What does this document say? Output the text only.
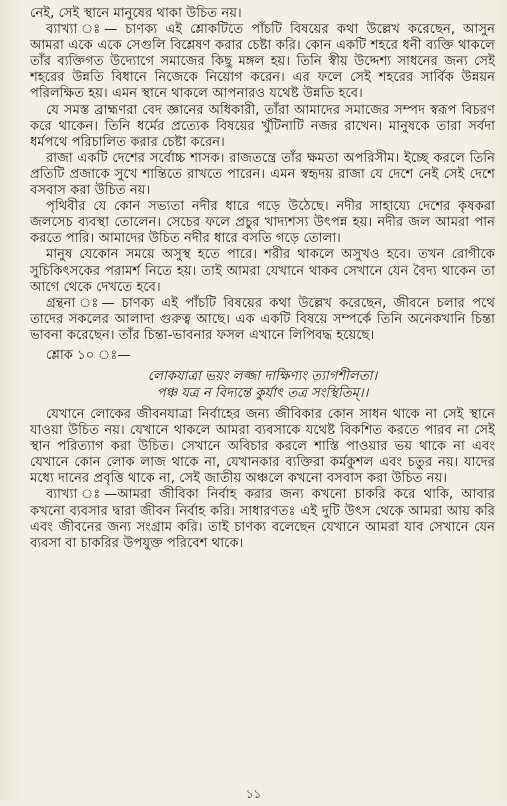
নেই, সেই স্থানে মানুষের থাকা উচিত নয়।

ব্যাখ্যা ঃ— চাণক্য এই শ্লোকটিতে পাঁচটি বিষয়ের কথা উল্লেখ করেছেন, আসুন আমরা একে একে সেগুলি বিশ্লেষণ করার চেষ্টা করি। কোন একটি শহরে ধনী ব্যক্তি থাকলে তাঁর ব্যক্তিগত উদ্যোগে সমাজের কিছু মঙ্গল হয়। তিনি স্বীয় উদ্দেশ্য সাধনের জন্য সেই শহরের উন্নতি বিধানে নিজেকে নিয়োগ করেন। এর ফলে সেই শহরের সার্বিক উন্নয়ন পরিলক্ষিত হয়। এমন স্থানে থাকলে আপনারও যথেষ্ট উন্নতি হবে।

যে সমস্ত ব্রাহ্মণরা বেদ জ্ঞানের অধিকারী, তাঁরা আমাদের সমাজের সম্পদ স্বরূপ বিচরণ করে থাকেন। তিনি ধর্মের প্রত্যেক বিষয়ের খুঁটিনাটি নজর রাখেন। মানুষকে তারা সর্বদা ধর্মপথে পরিচালিত করার চেষ্টা করেন।

রাজা একটি দেশের সর্বোচ্চ শাসক। রাজতন্ত্রে তাঁর ক্ষমতা অপরিসীম। ইচ্ছে করলে তিনি প্রতিটি প্রজাকে সুখে শান্তিতে রাখতে পারেন। এমন স্বহৃদয় রাজা যে দেশে নেই সেই দেশে বসবাস করা উচিত নয়।

পৃথিবীর যে কোন সভ্যতা নদীর ধারে গড়ে উঠেছে। নদীর সাহায্যে দেশের কৃষকরা জলসেচ ব্যবস্থা তোলেন। সেচের ফলে প্রচুর খাদ্যশস্য উৎপন্ন হয়। নদীর জল আমরা পান করতে পারি। আমাদের উচিত নদীর ধারে বসতি গড়ে তোলা।

মানুষ যেকোন সময়ে অসুস্থ হতে পারে। শরীর থাকলে অসুখও হবে। তখন রোগীকে সুচিকিৎসকের পরামর্শ নিতে হয়। তাই আমরা যেখানে থাকব সেখানে যেন বৈদ্য থাকেন তা আগে থেকে দেখতে হবে।

গ্রন্থনা ঃ— চাণক্য এই পাঁচটি বিষয়ের কথা উল্লেখ করেছেন, জীবনে চলার পথে তাদের সকলের আলাদা গুরুত্ব আছে। এক একটি বিষয়ে সম্পর্কে তিনি অনেকখানি চিন্তা ভাবনা করেছেন। তাঁর চিন্তা-ভাবনার ফসল এখানে লিপিবদ্ধ হয়েছে।

শ্লোক ১০ ঃ—
লোকযাত্রা ভয়ং লজ্জা দাক্ষিণ্যং ত্যাগশীলতা।
পঞ্চ যত্র ন বিদ্যন্তে কুর্যাৎ তত্র সংস্থিতিম্।।

যেখানে লোকের জীবনযাত্রা নির্বাহের জন্য জীবিকার কোন সাধন থাকে না সেই স্থানে যাওয়া উচিত নয়। যেখানে থাকলে আমরা ব্যবসাকে যথেষ্ট বিকশিত করতে পারব না সেই স্থান পরিত্যাগ করা উচিত। সেখানে অবিচার করলে শাস্তি পাওয়ার ভয় থাকে না এবং যেখানে কোন লোক লাজ থাকে না, যেখানকার ব্যক্তিরা কর্মকুশল এবং চতুর নয়। যাদের মধ্যে দানের প্রবৃত্তি থাকে না, সেই জাতীয় অঞ্চলে কখনো বসবাস করা উচিত নয়।

ব্যাখ্যা ঃ—আমরা জীবিকা নির্বাহ করার জন্য কখনো চাকরি করে থাকি, আবার কখনো ব্যবসার দ্বারা জীবন নির্বাহ করি। সাধারণতঃ এই দুটি উৎস থেকে আমরা আয় করি এবং জীবনের জন্য সংগ্রাম করি। তাই চাণক্য বলেছেন যেখানে আমরা যাব সেখানে যেন ব্যবসা বা চাকরির উপযুক্ত পরিবেশ থাকে।

১১
